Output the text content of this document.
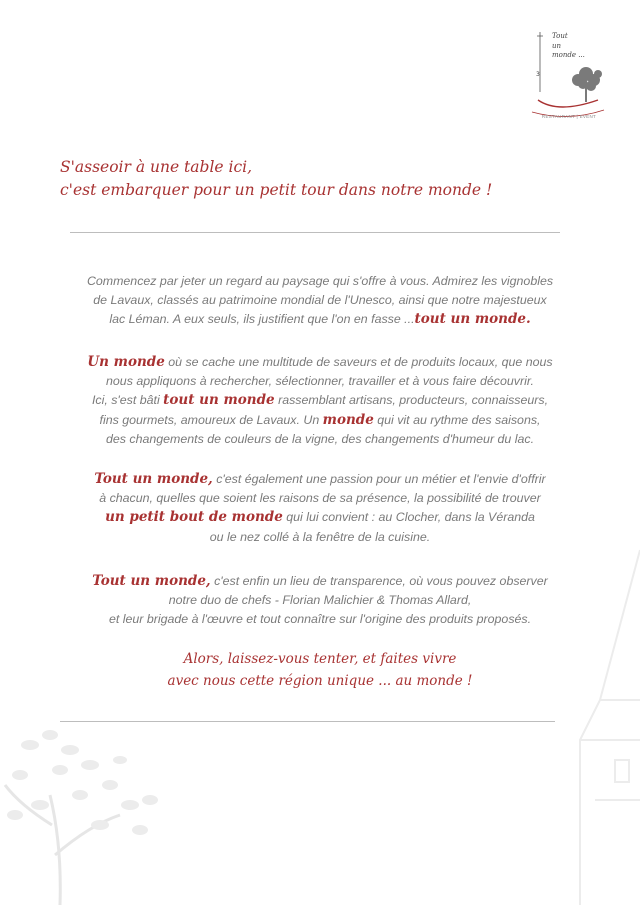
Tout
un
monde ...
3
RESTAURANT | EVENT
S'asseoir à une table ici,
c'est embarquer pour un petit tour dans notre monde !
Commencez par jeter un regard au paysage qui s'offre à vous. Admirez les vignobles
de Lavaux, classés au patrimoine mondial de l'Unesco, ainsi que notre majestueux
lac Léman. A eux seuls, ils justifient que l'on en fasse ...tout un monde.
Un monde où se cache une multitude de saveurs et de produits locaux, que nous
nous appliquons à rechercher, sélectionner, travailler et à vous faire découvrir.
Ici, s'est bâti tout un monde rassemblant artisans, producteurs, connaisseurs,
fins gourmets, amoureux de Lavaux. Un monde qui vit au rythme des saisons,
des changements de couleurs de la vigne, des changements d'humeur du lac.
Tout un monde, c'est également une passion pour un métier et l'envie d'offrir
à chacun, quelles que soient les raisons de sa présence, la possibilité de trouver
un petit bout de monde qui lui convient : au Clocher, dans la Véranda
ou le nez collé à la fenêtre de la cuisine.
Tout un monde, c'est enfin un lieu de transparence, où vous pouvez observer
notre duo de chefs - Florian Malichier & Thomas Allard,
et leur brigade à l'œuvre et tout connaître sur l'origine des produits proposés.
Alors, laissez-vous tenter, et faites vivre
avec nous cette région unique ... au monde !
